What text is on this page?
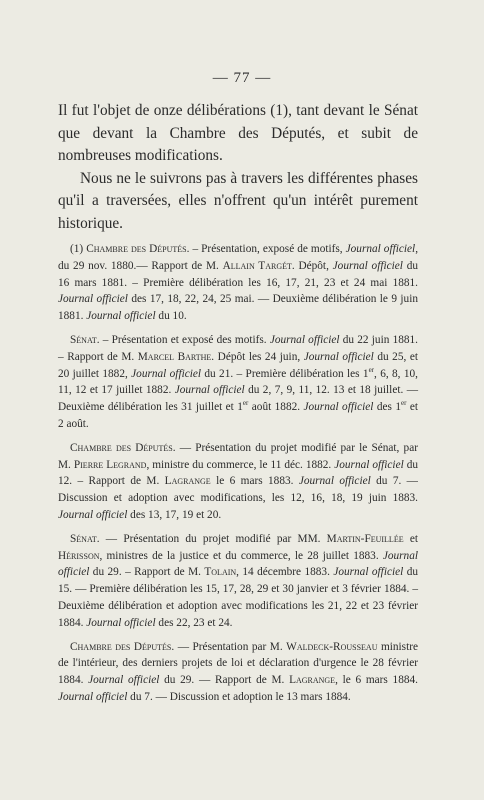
— 77 —

Il fut l'objet de onze délibérations (1), tant devant le Sénat que devant la Chambre des Députés, et subit de nombreuses modifications.

Nous ne le suivrons pas à travers les différentes phases qu'il a traversées, elles n'offrent qu'un intérêt purement historique.

(1) Chambre des Députés. – Présentation, exposé de motifs, Journal officiel, du 29 nov. 1880.— Rapport de M. Allain Targét. Dépôt, Journal officiel du 16 mars 1881. – Première délibération les 16, 17, 21, 23 et 24 mai 1881. Journal officiel des 17, 18, 22, 24, 25 mai. — Deuxième délibération le 9 juin 1881. Journal officiel du 10.

Sénat. – Présentation et exposé des motifs. Journal officiel du 22 juin 1881. – Rapport de M. Marcel Barthe. Dépôt les 24 juin, Journal officiel du 25, et 20 juillet 1882, Journal officiel du 21. – Première délibération les 1er, 6, 8, 10, 11, 12 et 17 juillet 1882. Journal officiel du 2, 7, 9, 11, 12. 13 et 18 juillet. — Deuxième délibération les 31 juillet et 1er août 1882. Journal officiel des 1er et 2 août.

Chambre des Députés. — Présentation du projet modifié par le Sénat, par M. Pierre Legrand, ministre du commerce, le 11 déc. 1882. Journal officiel du 12. – Rapport de M. Lagrange le 6 mars 1883. Journal officiel du 7. — Discussion et adoption avec modifications, les 12, 16, 18, 19 juin 1883. Journal officiel des 13, 17, 19 et 20.

Sénat. — Présentation du projet modifié par MM. Martin-Feuillée et Hérisson, ministres de la justice et du commerce, le 28 juillet 1883. Journal officiel du 29. – Rapport de M. Tolain, 14 décembre 1883. Journal officiel du 15. — Première délibération les 15, 17, 28, 29 et 30 janvier et 3 février 1884. – Deuxième délibération et adoption avec modifications les 21, 22 et 23 février 1884. Journal officiel des 22, 23 et 24.

Chambre des Députés. — Présentation par M. Waldeck-Rousseau ministre de l'intérieur, des derniers projets de loi et déclaration d'urgence le 28 février 1884. Journal officiel du 29. — Rapport de M. Lagrange, le 6 mars 1884. Journal officiel du 7. — Discussion et adoption le 13 mars 1884.
